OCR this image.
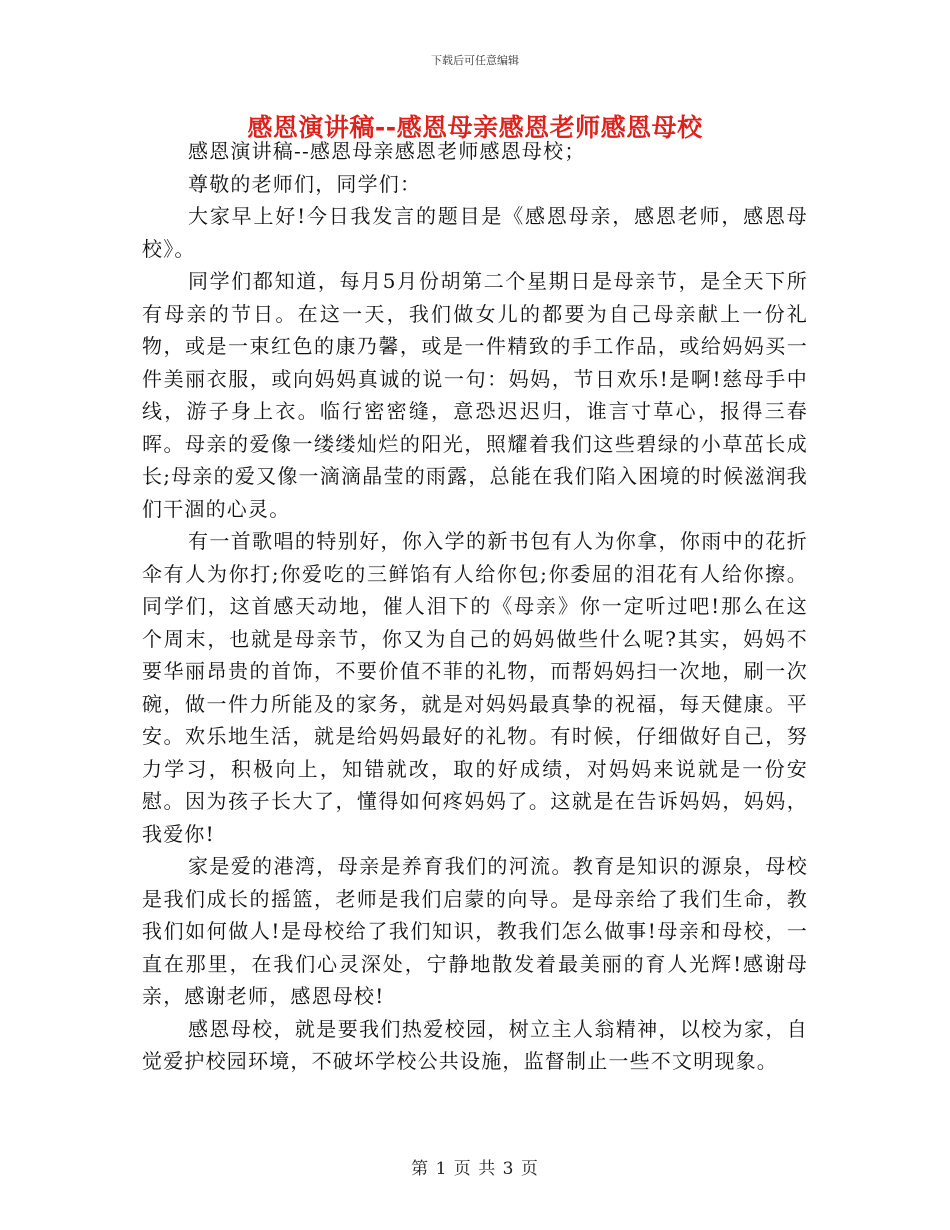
下载后可任意编辑
感恩演讲稿--感恩母亲感恩老师感恩母校

感恩演讲稿--感恩母亲感恩老师感恩母校；

尊敬的老师们，同学们：

大家早上好!今日我发言的题目是《感恩母亲，感恩老师，感恩母校》。

同学们都知道，每月5月份胡第二个星期日是母亲节，是全天下所有母亲的节日。在这一天，我们做女儿的都要为自己母亲献上一份礼物，或是一束红色的康乃馨，或是一件精致的手工作品，或给妈妈买一件美丽衣服，或向妈妈真诚的说一句：妈妈，节日欢乐!是啊!慈母手中线，游子身上衣。临行密密缝，意恐迟迟归，谁言寸草心，报得三春晖。母亲的爱像一缕缕灿烂的阳光，照耀着我们这些碧绿的小草茁长成长;母亲的爱又像一滴滴晶莹的雨露，总能在我们陷入困境的时候滋润我们干涸的心灵。

有一首歌唱的特别好，你入学的新书包有人为你拿，你雨中的花折伞有人为你打;你爱吃的三鲜馅有人给你包;你委屈的泪花有人给你擦。同学们，这首感天动地，催人泪下的《母亲》你一定听过吧!那么在这个周末，也就是母亲节，你又为自己的妈妈做些什么呢?其实，妈妈不要华丽昂贵的首饰，不要价值不菲的礼物，而帮妈妈扫一次地，刷一次碗，做一件力所能及的家务，就是对妈妈最真挚的祝福，每天健康。平安。欢乐地生活，就是给妈妈最好的礼物。有时候，仔细做好自己，努力学习，积极向上，知错就改，取的好成绩，对妈妈来说就是一份安慰。因为孩子长大了，懂得如何疼妈妈了。这就是在告诉妈妈，妈妈，我爱你!

家是爱的港湾，母亲是养育我们的河流。教育是知识的源泉，母校是我们成长的摇篮，老师是我们启蒙的向导。是母亲给了我们生命，教我们如何做人!是母校给了我们知识，教我们怎么做事!母亲和母校，一直在那里，在我们心灵深处，宁静地散发着最美丽的育人光辉!感谢母亲，感谢老师，感恩母校!

感恩母校，就是要我们热爱校园，树立主人翁精神，以校为家，自觉爱护校园环境，不破坏学校公共设施，监督制止一些不文明现象。

第 1 页 共 3 页
